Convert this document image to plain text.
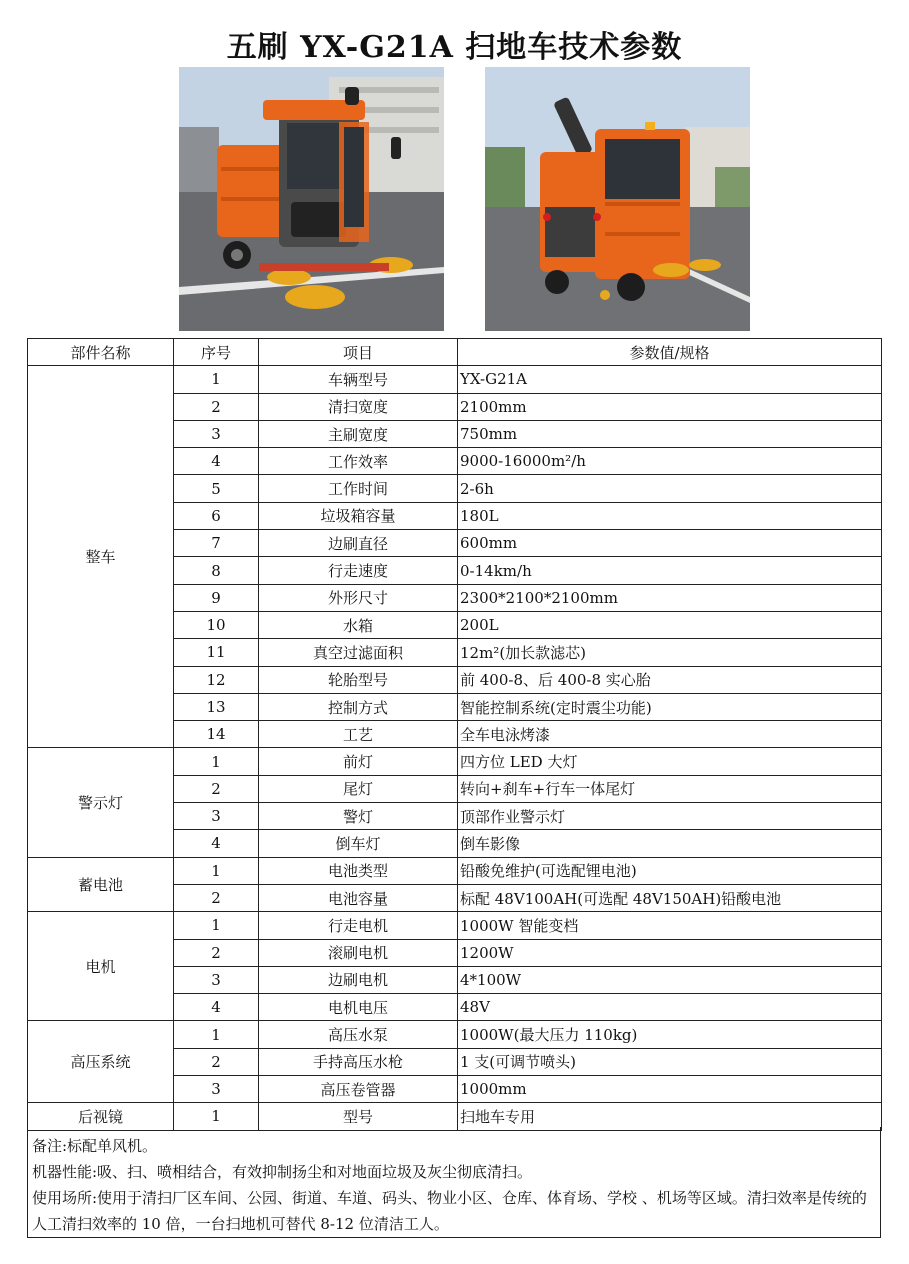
五刷 YX-G21A 扫地车技术参数
部件名称	序号	项目	参数值/规格
整车	1	车辆型号	YX-G21A
	2	清扫宽度	2100mm
	3	主刷宽度	750mm
	4	工作效率	9000-16000m²/h
	5	工作时间	2-6h
	6	垃圾箱容量	180L
	7	边刷直径	600mm
	8	行走速度	0-14km/h
	9	外形尺寸	2300*2100*2100mm
	10	水箱	200L
	11	真空过滤面积	12m²(加长款滤芯)
	12	轮胎型号	前 400-8、后 400-8 实心胎
	13	控制方式	智能控制系统(定时震尘功能)
	14	工艺	全车电泳烤漆
警示灯	1	前灯	四方位 LED 大灯
	2	尾灯	转向+刹车+行车一体尾灯
	3	警灯	顶部作业警示灯
	4	倒车灯	倒车影像
蓄电池	1	电池类型	铅酸免维护(可选配锂电池)
	2	电池容量	标配 48V100AH(可选配 48V150AH)铅酸电池
电机	1	行走电机	1000W 智能变档
	2	滚刷电机	1200W
	3	边刷电机	4*100W
	4	电机电压	48V
高压系统	1	高压水泵	1000W(最大压力 110kg)
	2	手持高压水枪	1 支(可调节喷头)
	3	高压卷管器	1000mm
后视镜	1	型号	扫地车专用

备注:标配单风机。

机器性能:吸、扫、喷相结合，有效抑制扬尘和对地面垃圾及灰尘彻底清扫。

使用场所:使用于清扫厂区车间、公园、街道、车道、码头、物业小区、仓库、体育场、学校 、机场等区域。清扫效率是传统的人工清扫效率的 10 倍，一台扫地机可替代 8-12 位清洁工人。
